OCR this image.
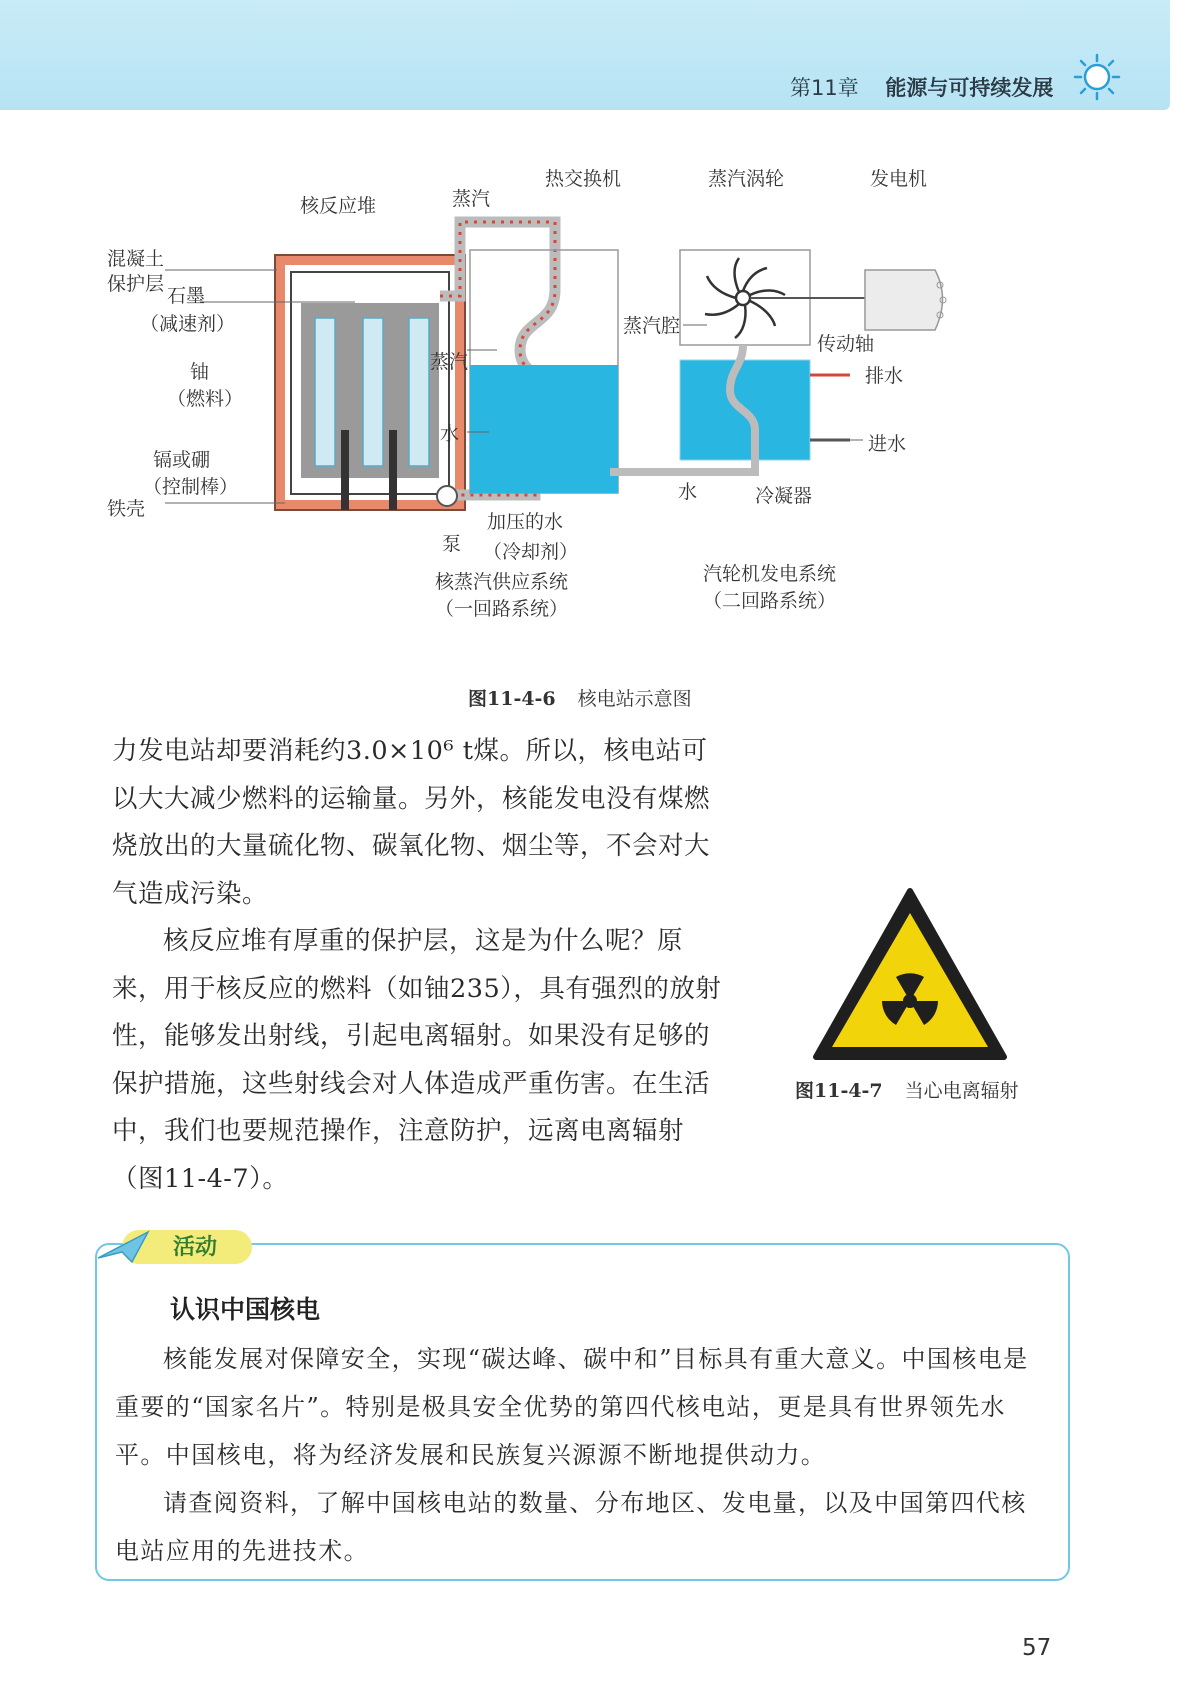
第11章 能源与可持续发展
核反应堆	蒸汽
热交换机	蒸汽涡轮	发电机
混凝土
保护层
石墨
（减速剂）
铀
（燃料）
镉或硼
（控制棒）
铁壳
蒸汽
水
蒸汽腔
传动轴
排水
进水
水	冷凝器
加压的水
泵 （冷却剂）
核蒸汽供应系统
（一回路系统）
汽轮机发电系统
（二回路系统）
图11-4-6 核电站示意图

力发电站却要消耗约3.0×10⁶ t煤。所以，核电站可以大大减少燃料的运输量。另外，核能发电没有煤燃烧放出的大量硫化物、碳氧化物、烟尘等，不会对大气造成污染。

核反应堆有厚重的保护层，这是为什么呢？原来，用于核反应的燃料（如铀235），具有强烈的放射性，能够发出射线，引起电离辐射。如果没有足够的保护措施，这些射线会对人体造成严重伤害。在生活中，我们也要规范操作，注意防护，远离电离辐射（图11-4-7）。

图11-4-7 当心电离辐射
活动
认识中国核电

核能发展对保障安全，实现“碳达峰、碳中和”目标具有重大意义。中国核电是重要的“国家名片”。特别是极具安全优势的第四代核电站，更是具有世界领先水平。中国核电，将为经济发展和民族复兴源源不断地提供动力。

请查阅资料，了解中国核电站的数量、分布地区、发电量，以及中国第四代核电站应用的先进技术。

57
